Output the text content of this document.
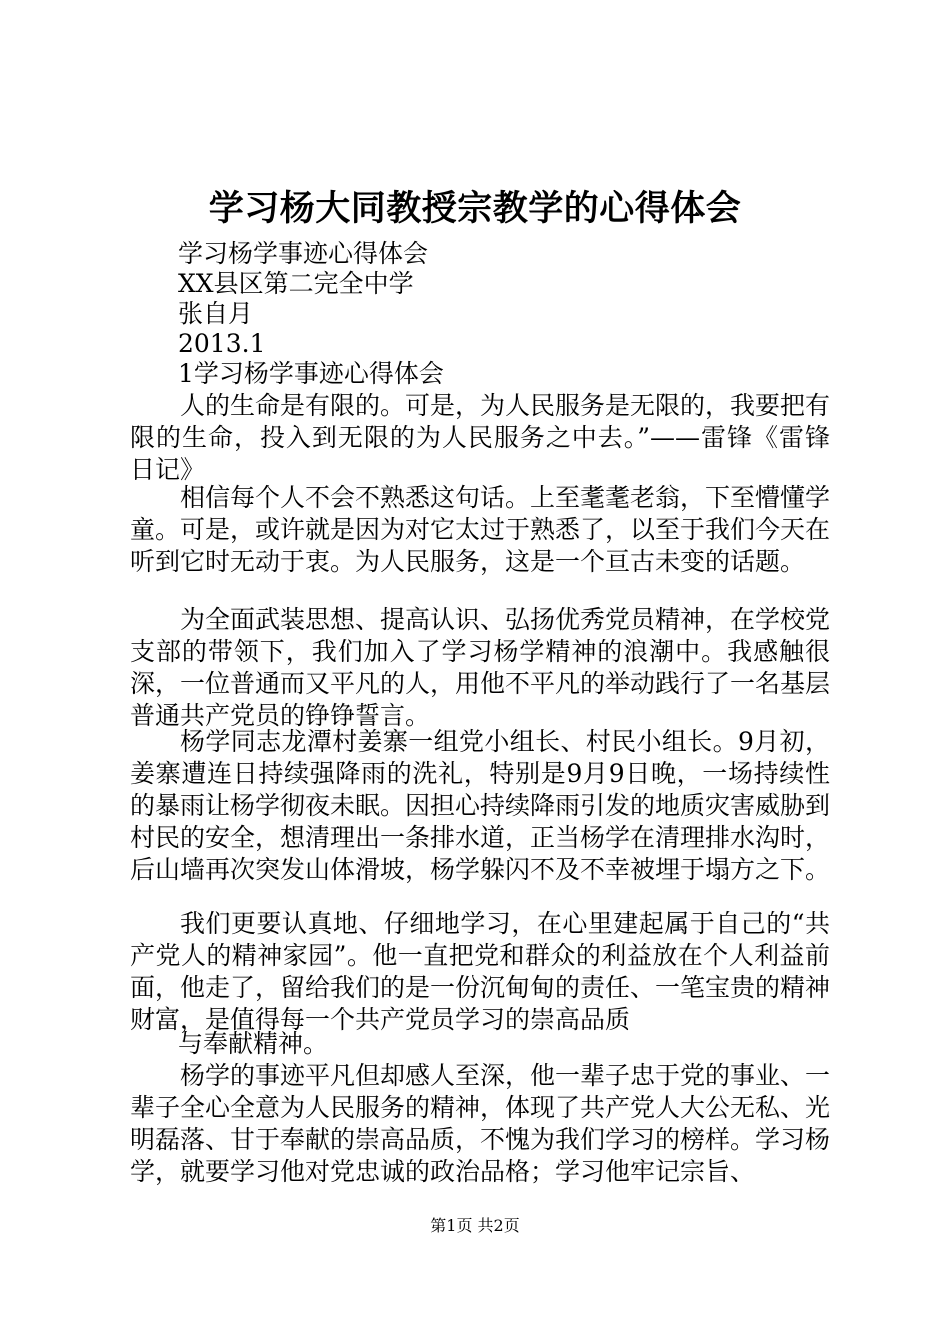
学习杨大同教授宗教学的心得体会
学习杨学事迹心得体会
XX县区第二完全中学
张自月
2013.1
1学习杨学事迹心得体会
人的生命是有限的。可是，为人民服务是无限的，我要把有限的生命，投入到无限的为人民服务之中去。”——雷锋《雷锋日记》
相信每个人不会不熟悉这句话。上至耄耄老翁，下至懵懂学童。可是，或许就是因为对它太过于熟悉了，以至于我们今天在听到它时无动于衷。为人民服务，这是一个亘古未变的话题。
为全面武装思想、提高认识、弘扬优秀党员精神，在学校党支部的带领下，我们加入了学习杨学精神的浪潮中。我感触很深，一位普通而又平凡的人，用他不平凡的举动践行了一名基层普通共产党员的铮铮誓言。
杨学同志龙潭村姜寨一组党小组长、村民小组长。9月初，姜寨遭连日持续强降雨的洗礼，特别是9月9日晚，一场持续性的暴雨让杨学彻夜未眠。因担心持续降雨引发的地质灾害威胁到村民的安全，想清理出一条排水道，正当杨学在清理排水沟时，后山墙再次突发山体滑坡，杨学躲闪不及不幸被埋于塌方之下。
我们更要认真地、仔细地学习，在心里建起属于自己的“共产党人的精神家园”。他一直把党和群众的利益放在个人利益前面，他走了，留给我们的是一份沉甸甸的责任、一笔宝贵的精神财富，是值得每一个共产党员学习的崇高品质
与奉献精神。
杨学的事迹平凡但却感人至深，他一辈子忠于党的事业、一辈子全心全意为人民服务的精神，体现了共产党人大公无私、光明磊落、甘于奉献的崇高品质，不愧为我们学习的榜样。学习杨学，就要学习他对党忠诚的政治品格；学习他牢记宗旨、
第1页 共2页
